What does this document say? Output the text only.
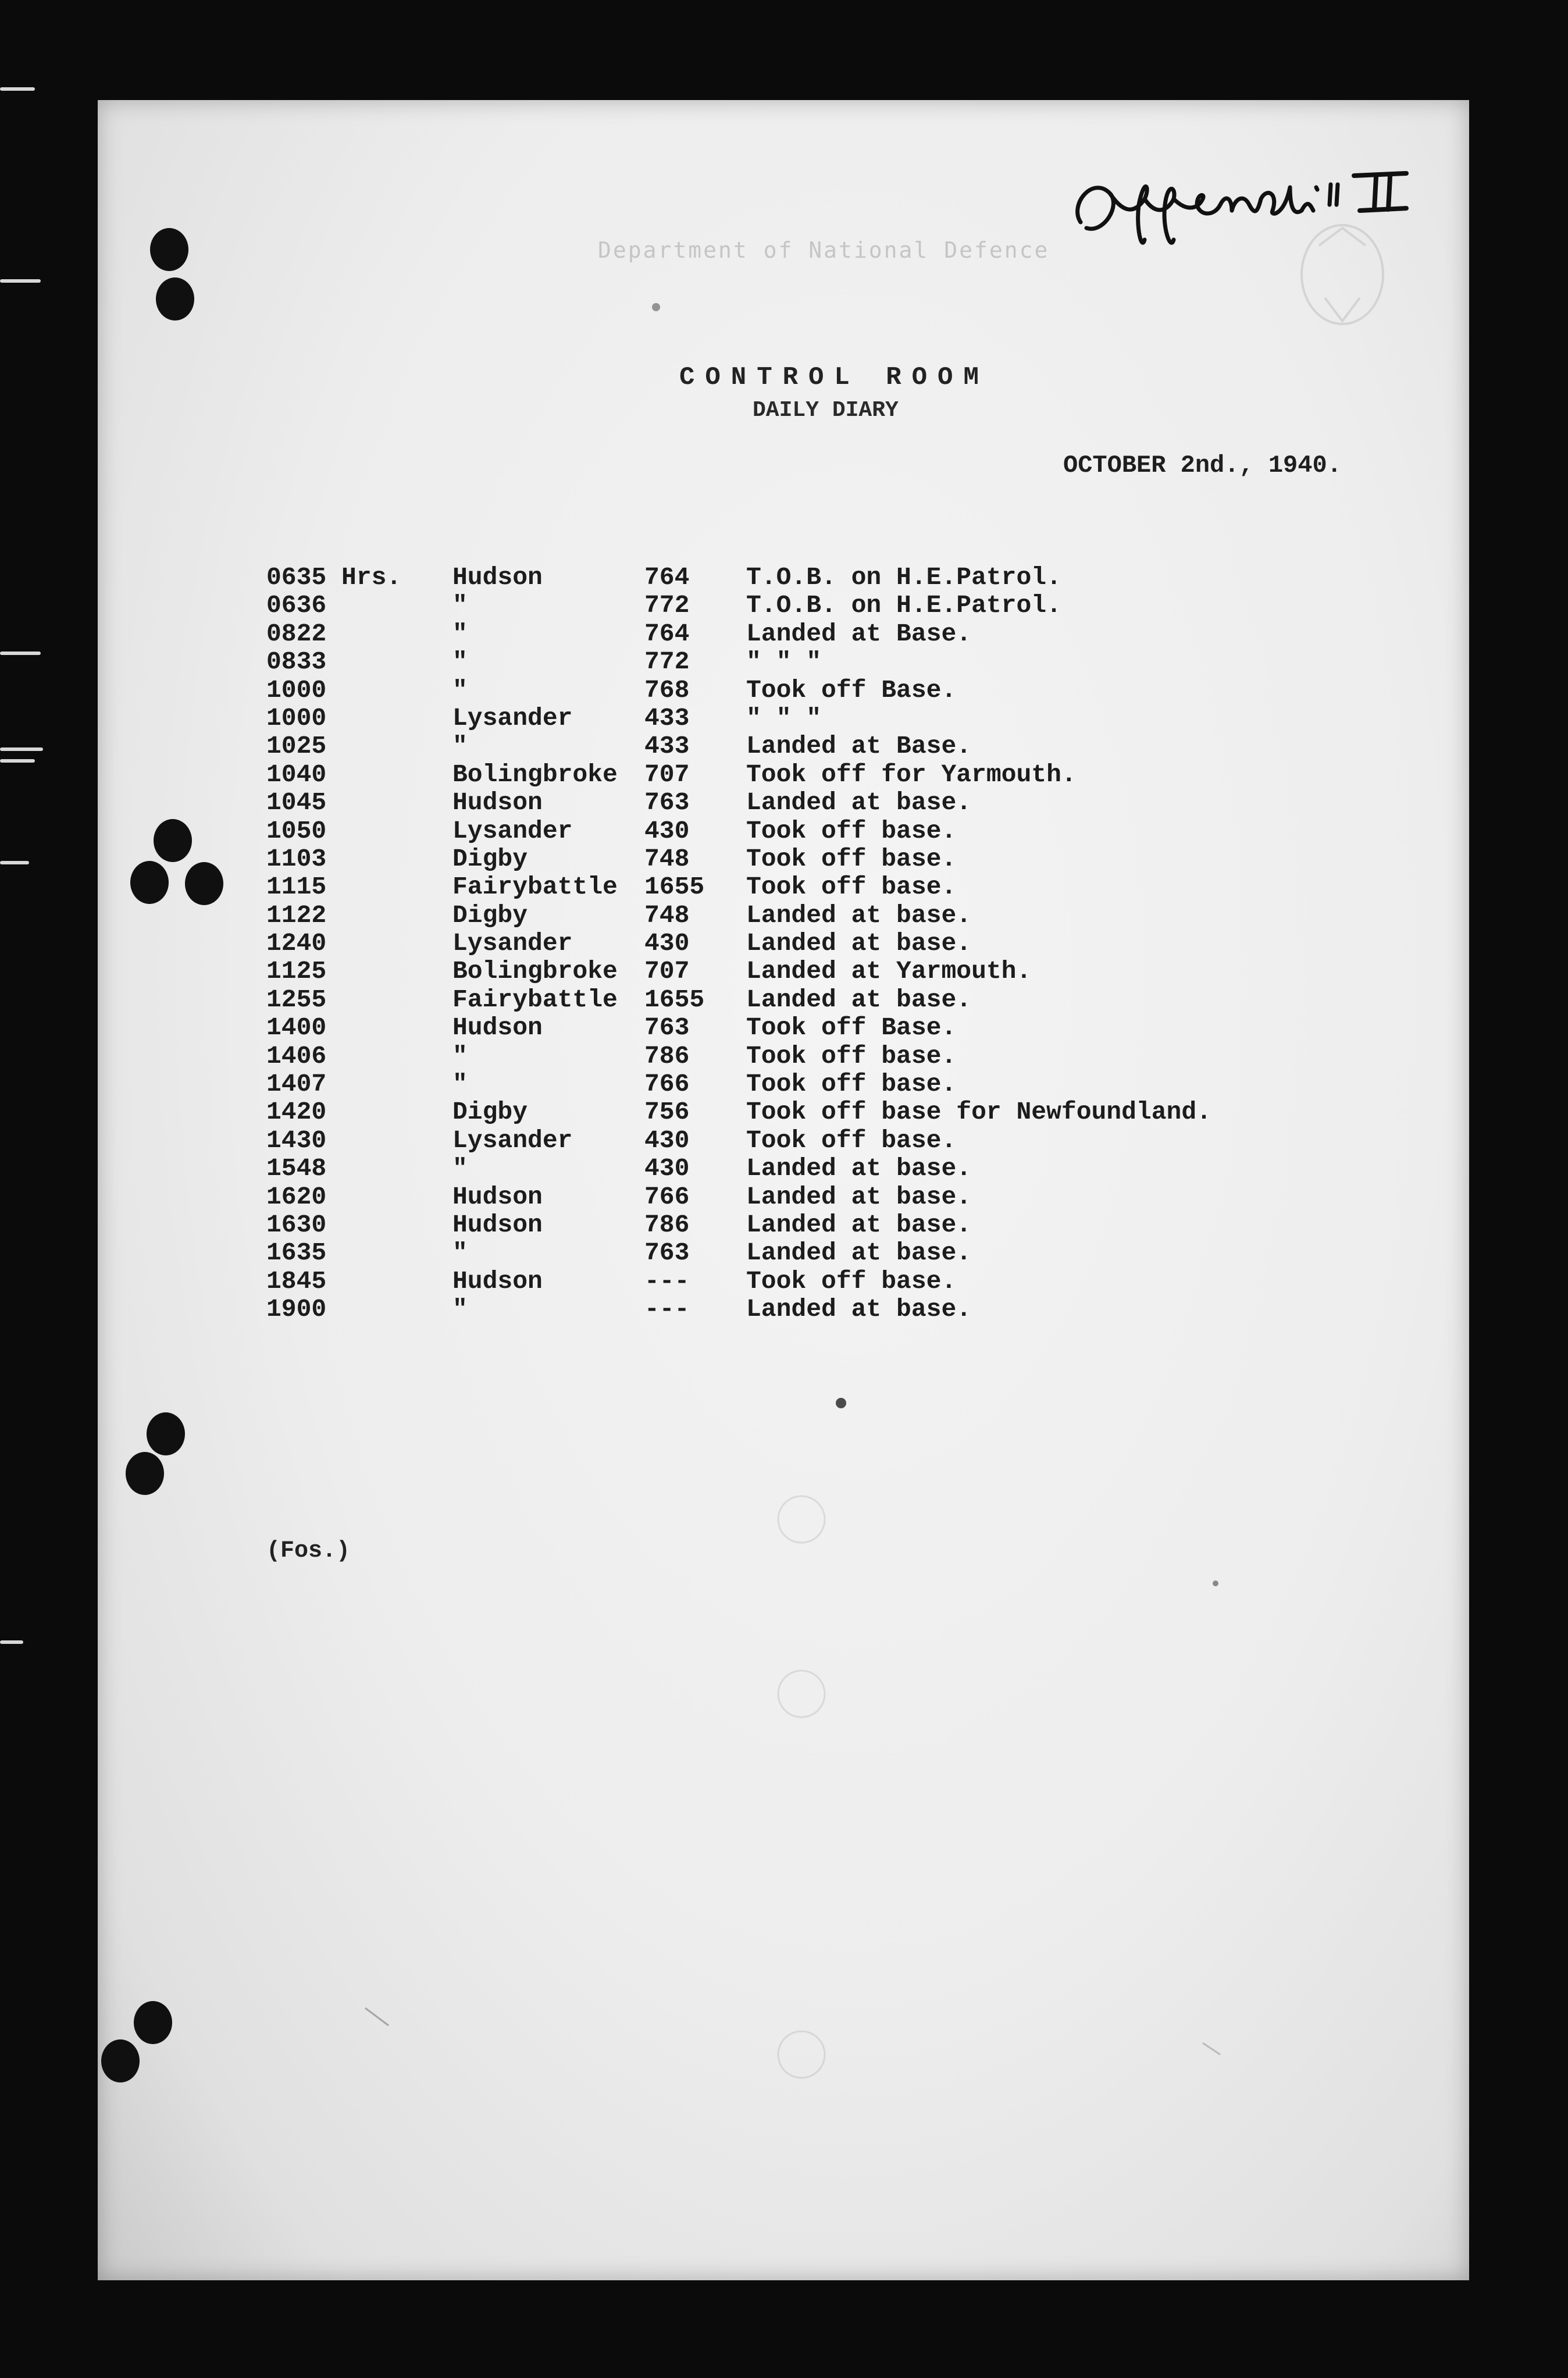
Department of National Defence
CONTROL ROOM
DAILY DIARY
OCTOBER 2nd., 1940.
0635 Hrs. Hudson	764 T.O.B. on H.E.Patrol.
0636	"	772 T.O.B. on H.E.Patrol.
0822	"	764 Landed at Base.
0833	"	772 " " "
1000	"	768 Took off Base.
1000	Lysander	433 " " "
1025	"	433 Landed at Base.
1040	Bolingbroke 707 Took off for Yarmouth.
1045	Hudson	763 Landed at base.
1050	Lysander	430 Took off base.
1103	Digby	748 Took off base.
1115	Fairybattle 1655 Took off base.
1122	Digby	748 Landed at base.
1240	Lysander	430 Landed at base.
1125	Bolingbroke 707 Landed at Yarmouth.
1255	Fairybattle 1655 Landed at base.
1400	Hudson	763 Took off Base.
1406	"	786 Took off base.
1407	"	766 Took off base.
1420	Digby	756 Took off base for Newfoundland.
1430	Lysander	430 Took off base.
1548	"	430 Landed at base.
1620	Hudson	766 Landed at base.
1630	Hudson	786 Landed at base.
1635	"	763 Landed at base.
1845	Hudson	--- Took off base.
1900	"	--- Landed at base.
(Fos.)
